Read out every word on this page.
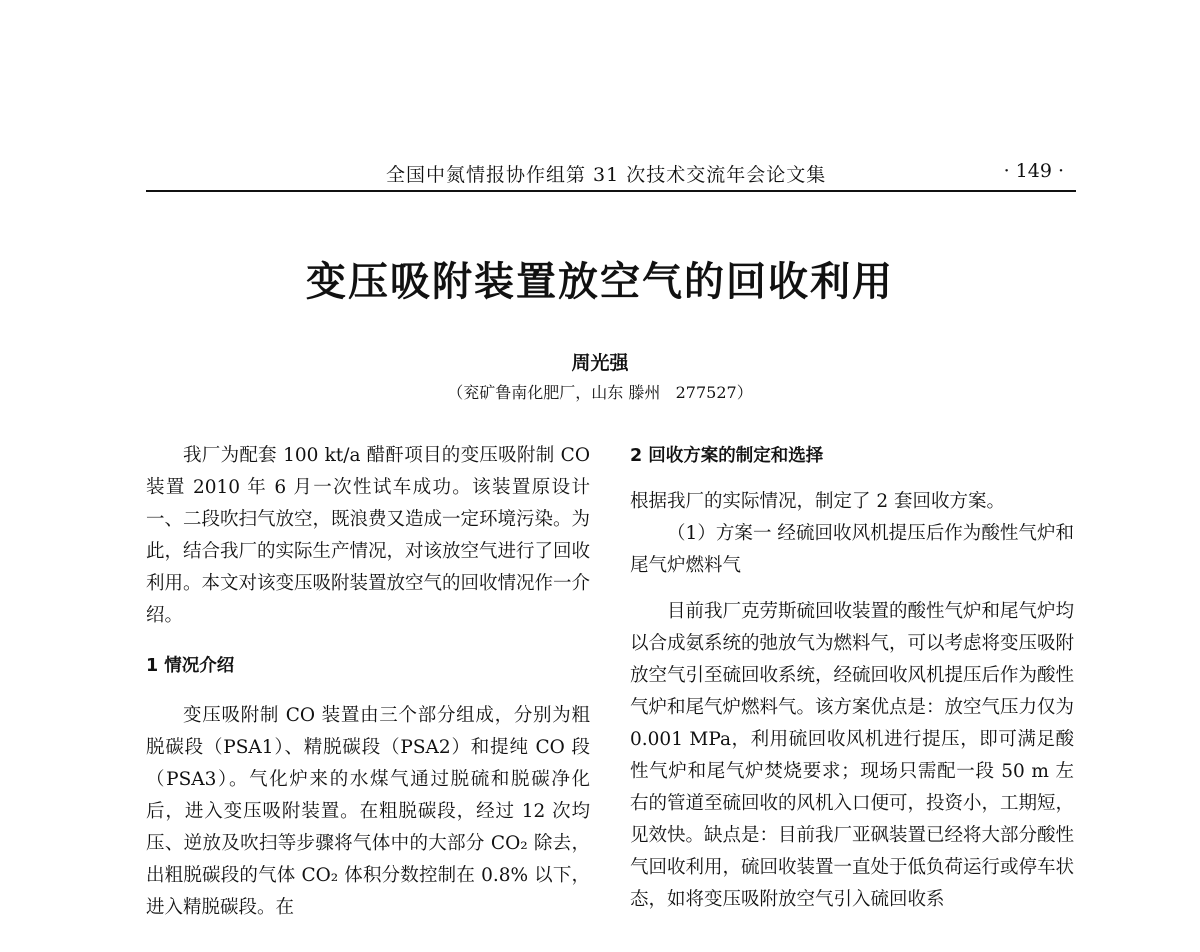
全国中氮情报协作组第 31 次技术交流年会论文集	· 149 ·
变压吸附装置放空气的回收利用
周光强
（兖矿鲁南化肥厂，山东 滕州   277527）

我厂为配套 100 kt/a 醋酐项目的变压吸附制 CO 装置 2010 年 6 月一次性试车成功。该装置原设计一、二段吹扫气放空，既浪费又造成一定环境污染。为此，结合我厂的实际生产情况，对该放空气进行了回收利用。本文对该变压吸附装置放空气的回收情况作一介绍。

1 情况介绍

变压吸附制 CO 装置由三个部分组成，分别为粗脱碳段（PSA1）、精脱碳段（PSA2）和提纯 CO 段（PSA3）。气化炉来的水煤气通过脱硫和脱碳净化后，进入变压吸附装置。在粗脱碳段，经过 12 次均压、逆放及吹扫等步骤将气体中的大部分 CO₂ 除去，出粗脱碳段的气体 CO₂ 体积分数控制在 0.8% 以下，进入精脱碳段。在

2 回收方案的制定和选择

根据我厂的实际情况，制定了 2 套回收方案。

（1）方案一 经硫回收风机提压后作为酸性气炉和尾气炉燃料气

目前我厂克劳斯硫回收装置的酸性气炉和尾气炉均以合成氨系统的弛放气为燃料气，可以考虑将变压吸附放空气引至硫回收系统，经硫回收风机提压后作为酸性气炉和尾气炉燃料气。该方案优点是：放空气压力仅为 0.001 MPa，利用硫回收风机进行提压，即可满足酸性气炉和尾气炉焚烧要求；现场只需配一段 50 m 左右的管道至硫回收的风机入口便可，投资小，工期短，见效快。缺点是：目前我厂亚砜装置已经将大部分酸性气回收利用，硫回收装置一直处于低负荷运行或停车状态，如将变压吸附放空气引入硫回收系
